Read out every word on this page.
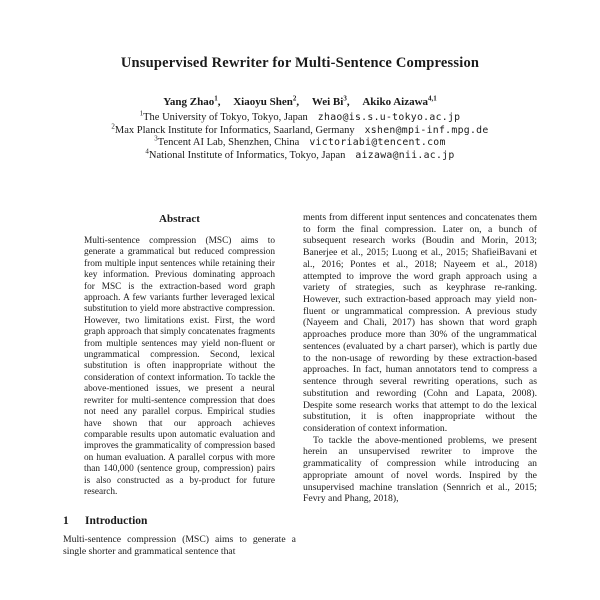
Unsupervised Rewriter for Multi-Sentence Compression
Yang Zhao$^1$, Xiaoyu Shen$^2$, Wei Bi$^3$, Akiko Aizawa$^{4,1}$
$^1$The University of Tokyo, Tokyo, Japan zhao@is.s.u-tokyo.ac.jp
$^2$Max Planck Institute for Informatics, Saarland, Germany xshen@mpi-inf.mpg.de
$^3$Tencent AI Lab, Shenzhen, China victoriabi@tencent.com
$^4$National Institute of Informatics, Tokyo, Japan aizawa@nii.ac.jp
Abstract
Multi-sentence compression (MSC) aims to generate a grammatical but reduced compression from multiple input sentences while retaining their key information. Previous dominating approach for MSC is the extraction-based word graph approach. A few variants further leveraged lexical substitution to yield more abstractive compression. However, two limitations exist. First, the word graph approach that simply concatenates fragments from multiple sentences may yield non-fluent or ungrammatical compression. Second, lexical substitution is often inappropriate without the consideration of context information. To tackle the above-mentioned issues, we present a neural rewriter for multi-sentence compression that does not need any parallel corpus. Empirical studies have shown that our approach achieves comparable results upon automatic evaluation and improves the grammaticality of compression based on human evaluation. A parallel corpus with more than 140,000 (sentence group, compression) pairs is also constructed as a by-product for future research.
1 Introduction
Multi-sentence compression (MSC) aims to generate a single shorter and grammatical sentence that
ments from different input sentences and concatenates them to form the final compression. Later on, a bunch of subsequent research works (Boudin and Morin, 2013; Banerjee et al., 2015; Luong et al., 2015; ShafieiBavani et al., 2016; Pontes et al., 2018; Nayeem et al., 2018) attempted to improve the word graph approach using a variety of strategies, such as keyphrase re-ranking. However, such extraction-based approach may yield non-fluent or ungrammatical compression. A previous study (Nayeem and Chali, 2017) has shown that word graph approaches produce more than 30% of the ungrammatical sentences (evaluated by a chart parser), which is partly due to the non-usage of rewording by these extraction-based approaches. In fact, human annotators tend to compress a sentence through several rewriting operations, such as substitution and rewording (Cohn and Lapata, 2008). Despite some research works that attempt to do the lexical substitution, it is often inappropriate without the consideration of context information.
To tackle the above-mentioned problems, we present herein an unsupervised rewriter to improve the grammaticality of compression while introducing an appropriate amount of novel words. Inspired by the unsupervised machine translation (Sennrich et al., 2015; Fevry and Phang, 2018),
